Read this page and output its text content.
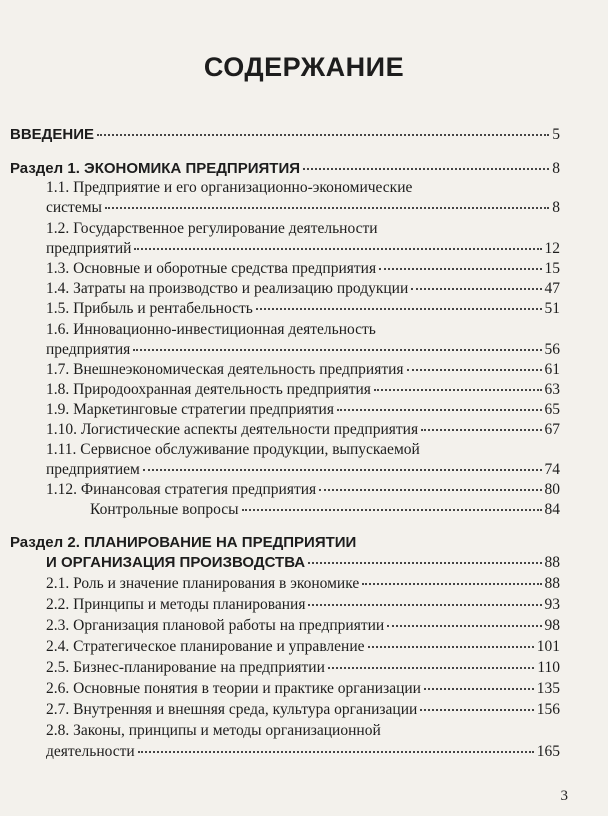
СОДЕРЖАНИЕ
ВВЕДЕНИЕ	5
Раздел 1. ЭКОНОМИКА ПРЕДПРИЯТИЯ	8
1.1. Предприятие и его организационно-экономические
системы	8
1.2. Государственное регулирование деятельности
предприятий	12
1.3. Основные и оборотные средства предприятия	15
1.4. Затраты на производство и реализацию продукции	47
1.5. Прибыль и рентабельность	51
1.6. Инновационно-инвестиционная деятельность
предприятия	56
1.7. Внешнеэкономическая деятельность предприятия	61
1.8. Природоохранная деятельность предприятия	63
1.9. Маркетинговые стратегии предприятия	65
1.10. Логистические аспекты деятельности предприятия	67
1.11. Сервисное обслуживание продукции, выпускаемой
предприятием	74
1.12. Финансовая стратегия предприятия	80
Контрольные вопросы	84
Раздел 2. ПЛАНИРОВАНИЕ НА ПРЕДПРИЯТИИ
И ОРГАНИЗАЦИЯ ПРОИЗВОДСТВА	88
2.1. Роль и значение планирования в экономике	88
2.2. Принципы и методы планирования	93
2.3. Организация плановой работы на предприятии	98
2.4. Стратегическое планирование и управление	101
2.5. Бизнес-планирование на предприятии	110
2.6. Основные понятия в теории и практике организации	135
2.7. Внутренняя и внешняя среда, культура организации	156
2.8. Законы, принципы и методы организационной
деятельности	165
3
